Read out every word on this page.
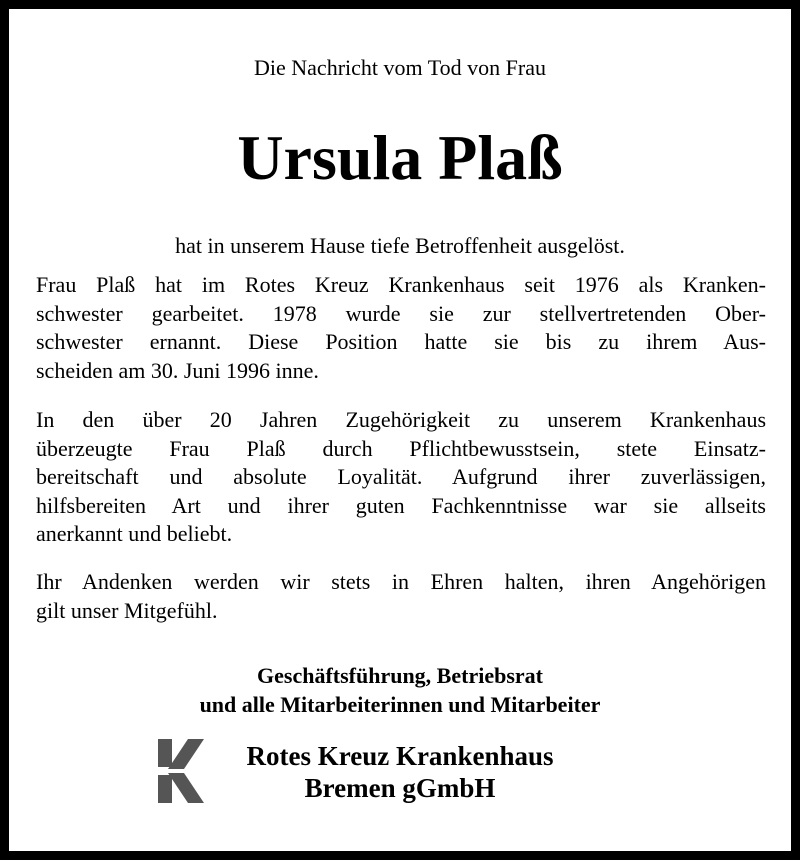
Die Nachricht vom Tod von Frau
Ursula Plaß
hat in unserem Hause tiefe Betroffenheit ausgelöst.
Frau Plaß hat im Rotes Kreuz Krankenhaus seit 1976 als Kranken-
schwester gearbeitet. 1978 wurde sie zur stellvertretenden Ober-
schwester ernannt. Diese Position hatte sie bis zu ihrem Aus-
scheiden am 30. Juni 1996 inne.
In den über 20 Jahren Zugehörigkeit zu unserem Krankenhaus
überzeugte Frau Plaß durch Pflichtbewusstsein, stete Einsatz-
bereitschaft und absolute Loyalität. Aufgrund ihrer zuverlässigen,
hilfsbereiten Art und ihrer guten Fachkenntnisse war sie allseits
anerkannt und beliebt.
Ihr Andenken werden wir stets in Ehren halten, ihren Angehörigen
gilt unser Mitgefühl.
Geschäftsführung, Betriebsrat
und alle Mitarbeiterinnen und Mitarbeiter
Rotes Kreuz Krankenhaus
Bremen gGmbH
